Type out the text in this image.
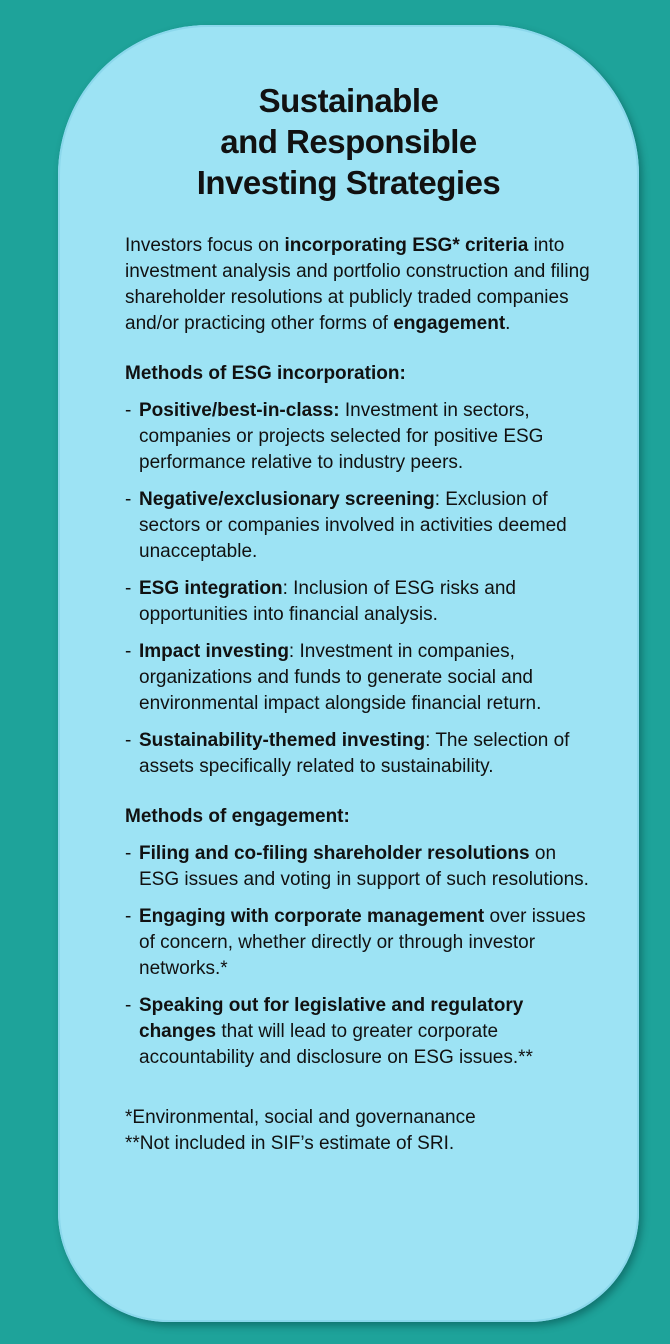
Sustainable
and Responsible
Investing Strategies

Investors focus on incorporating ESG* criteria into investment analysis and portfolio construction and filing shareholder resolutions at publicly traded companies and/or practicing other forms of engagement.

Methods of ESG incorporation:
- Positive/best-in-class: Investment in sectors, companies or projects selected for positive ESG performance relative to industry peers.
- Negative/exclusionary screening: Exclusion of sectors or companies involved in activities deemed unacceptable.
- ESG integration: Inclusion of ESG risks and opportunities into financial analysis.
- Impact investing: Investment in companies, organizations and funds to generate social and environmental impact alongside financial return.
- Sustainability-themed investing: The selection of assets specifically related to sustainability.
Methods of engagement:
- Filing and co-filing shareholder resolutions on ESG issues and voting in support of such resolutions.
- Engaging with corporate management over issues of concern, whether directly or through investor networks.*
- Speaking out for legislative and regulatory changes that will lead to greater corporate accountability and disclosure on ESG issues.**
*Environmental, social and governanance
**Not included in SIF’s estimate of SRI.
